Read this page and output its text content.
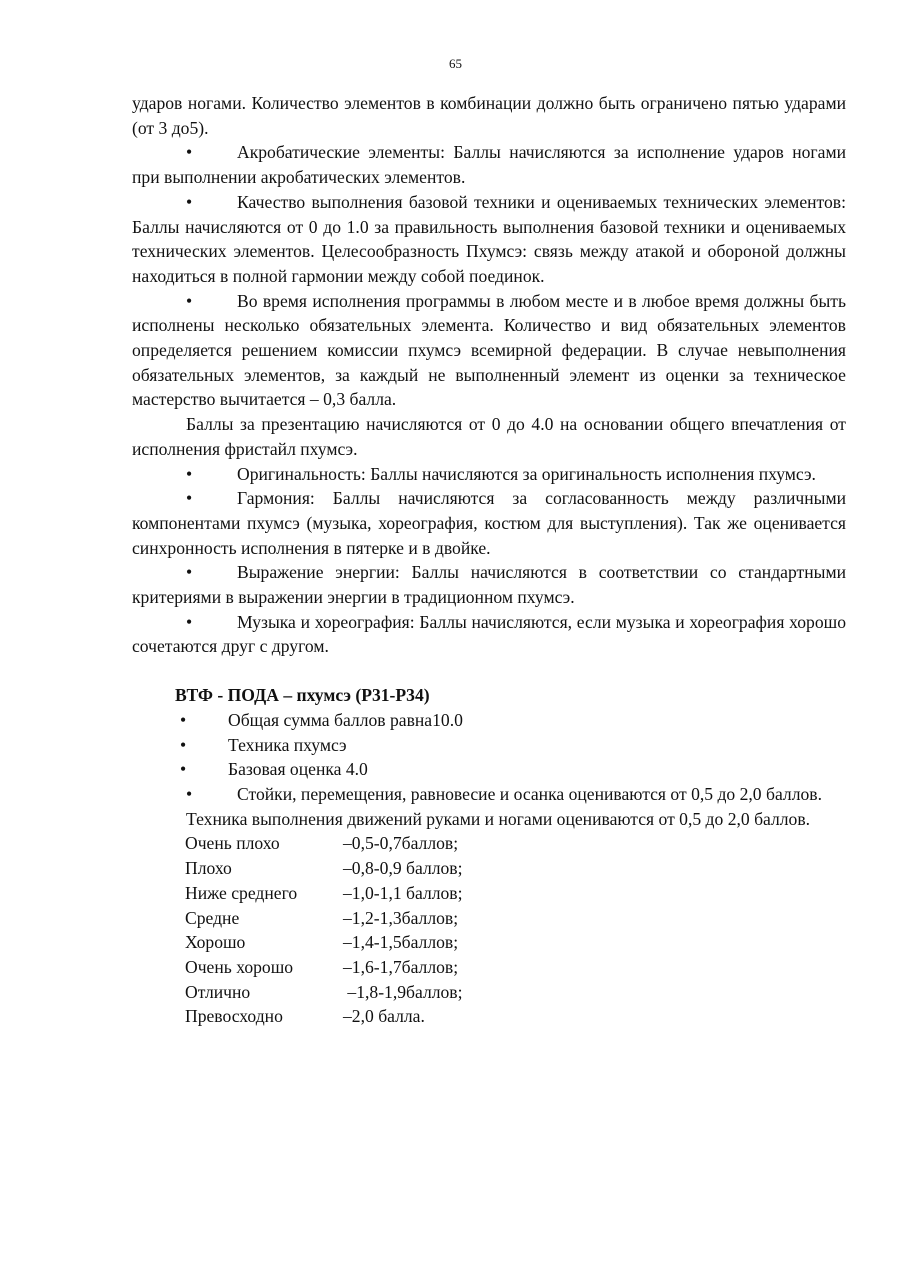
65

ударов ногами. Количество элементов в комбинации должно быть ограничено пятью ударами (от 3 до5).

•	Акробатические элементы: Баллы начисляются за исполнение ударов ногами при выполнении акробатических элементов.

•	Качество выполнения базовой техники и оцениваемых технических элементов: Баллы начисляются от 0 до 1.0 за правильность выполнения базовой техники и оцениваемых технических элементов. Целесообразность Пхумсэ: связь между атакой и обороной должны находиться в полной гармонии между собой поединок.

•	Во время исполнения программы в любом месте и в любое время должны быть исполнены несколько обязательных элемента. Количество и вид обязательных элементов определяется решением комиссии пхумсэ всемирной федерации. В случае невыполнения обязательных элементов, за каждый не выполненный элемент из оценки за техническое мастерство вычитается – 0,3 балла.

Баллы за презентацию начисляются от 0 до 4.0 на основании общего впечатления от исполнения фристайл пхумсэ.

•	Оригинальность: Баллы начисляются за оригинальность исполнения пхумсэ.

•	Гармония: Баллы начисляются за согласованность между различными компонентами пхумсэ (музыка, хореография, костюм для выступления). Так же оценивается синхронность исполнения в пятерке и в двойке.

•	Выражение энергии: Баллы начисляются в соответствии со стандартными критериями в выражении энергии в традиционном пхумсэ.

•	Музыка и хореография: Баллы начисляются, если музыка и хореография хорошо сочетаются друг с другом.

ВТФ - ПОДА – пхумсэ (Р31-Р34)

• Общая сумма баллов равна10.0

• Техника пхумсэ

• Базовая оценка 4.0

•	Стойки, перемещения, равновесие и осанка оцениваются от 0,5 до 2,0 баллов.

Техника выполнения движений руками и ногами оцениваются от 0,5 до 2,0 баллов.

Очень плохо	–0,5-0,7баллов;

Плохо	–0,8-0,9 баллов;

Ниже среднего	–1,0-1,1 баллов;

Средне	–1,2-1,3баллов;

Хорошо	–1,4-1,5баллов;

Очень хорошо	–1,6-1,7баллов;

Отлично	–1,8-1,9баллов;

Превосходно	–2,0 балла.
